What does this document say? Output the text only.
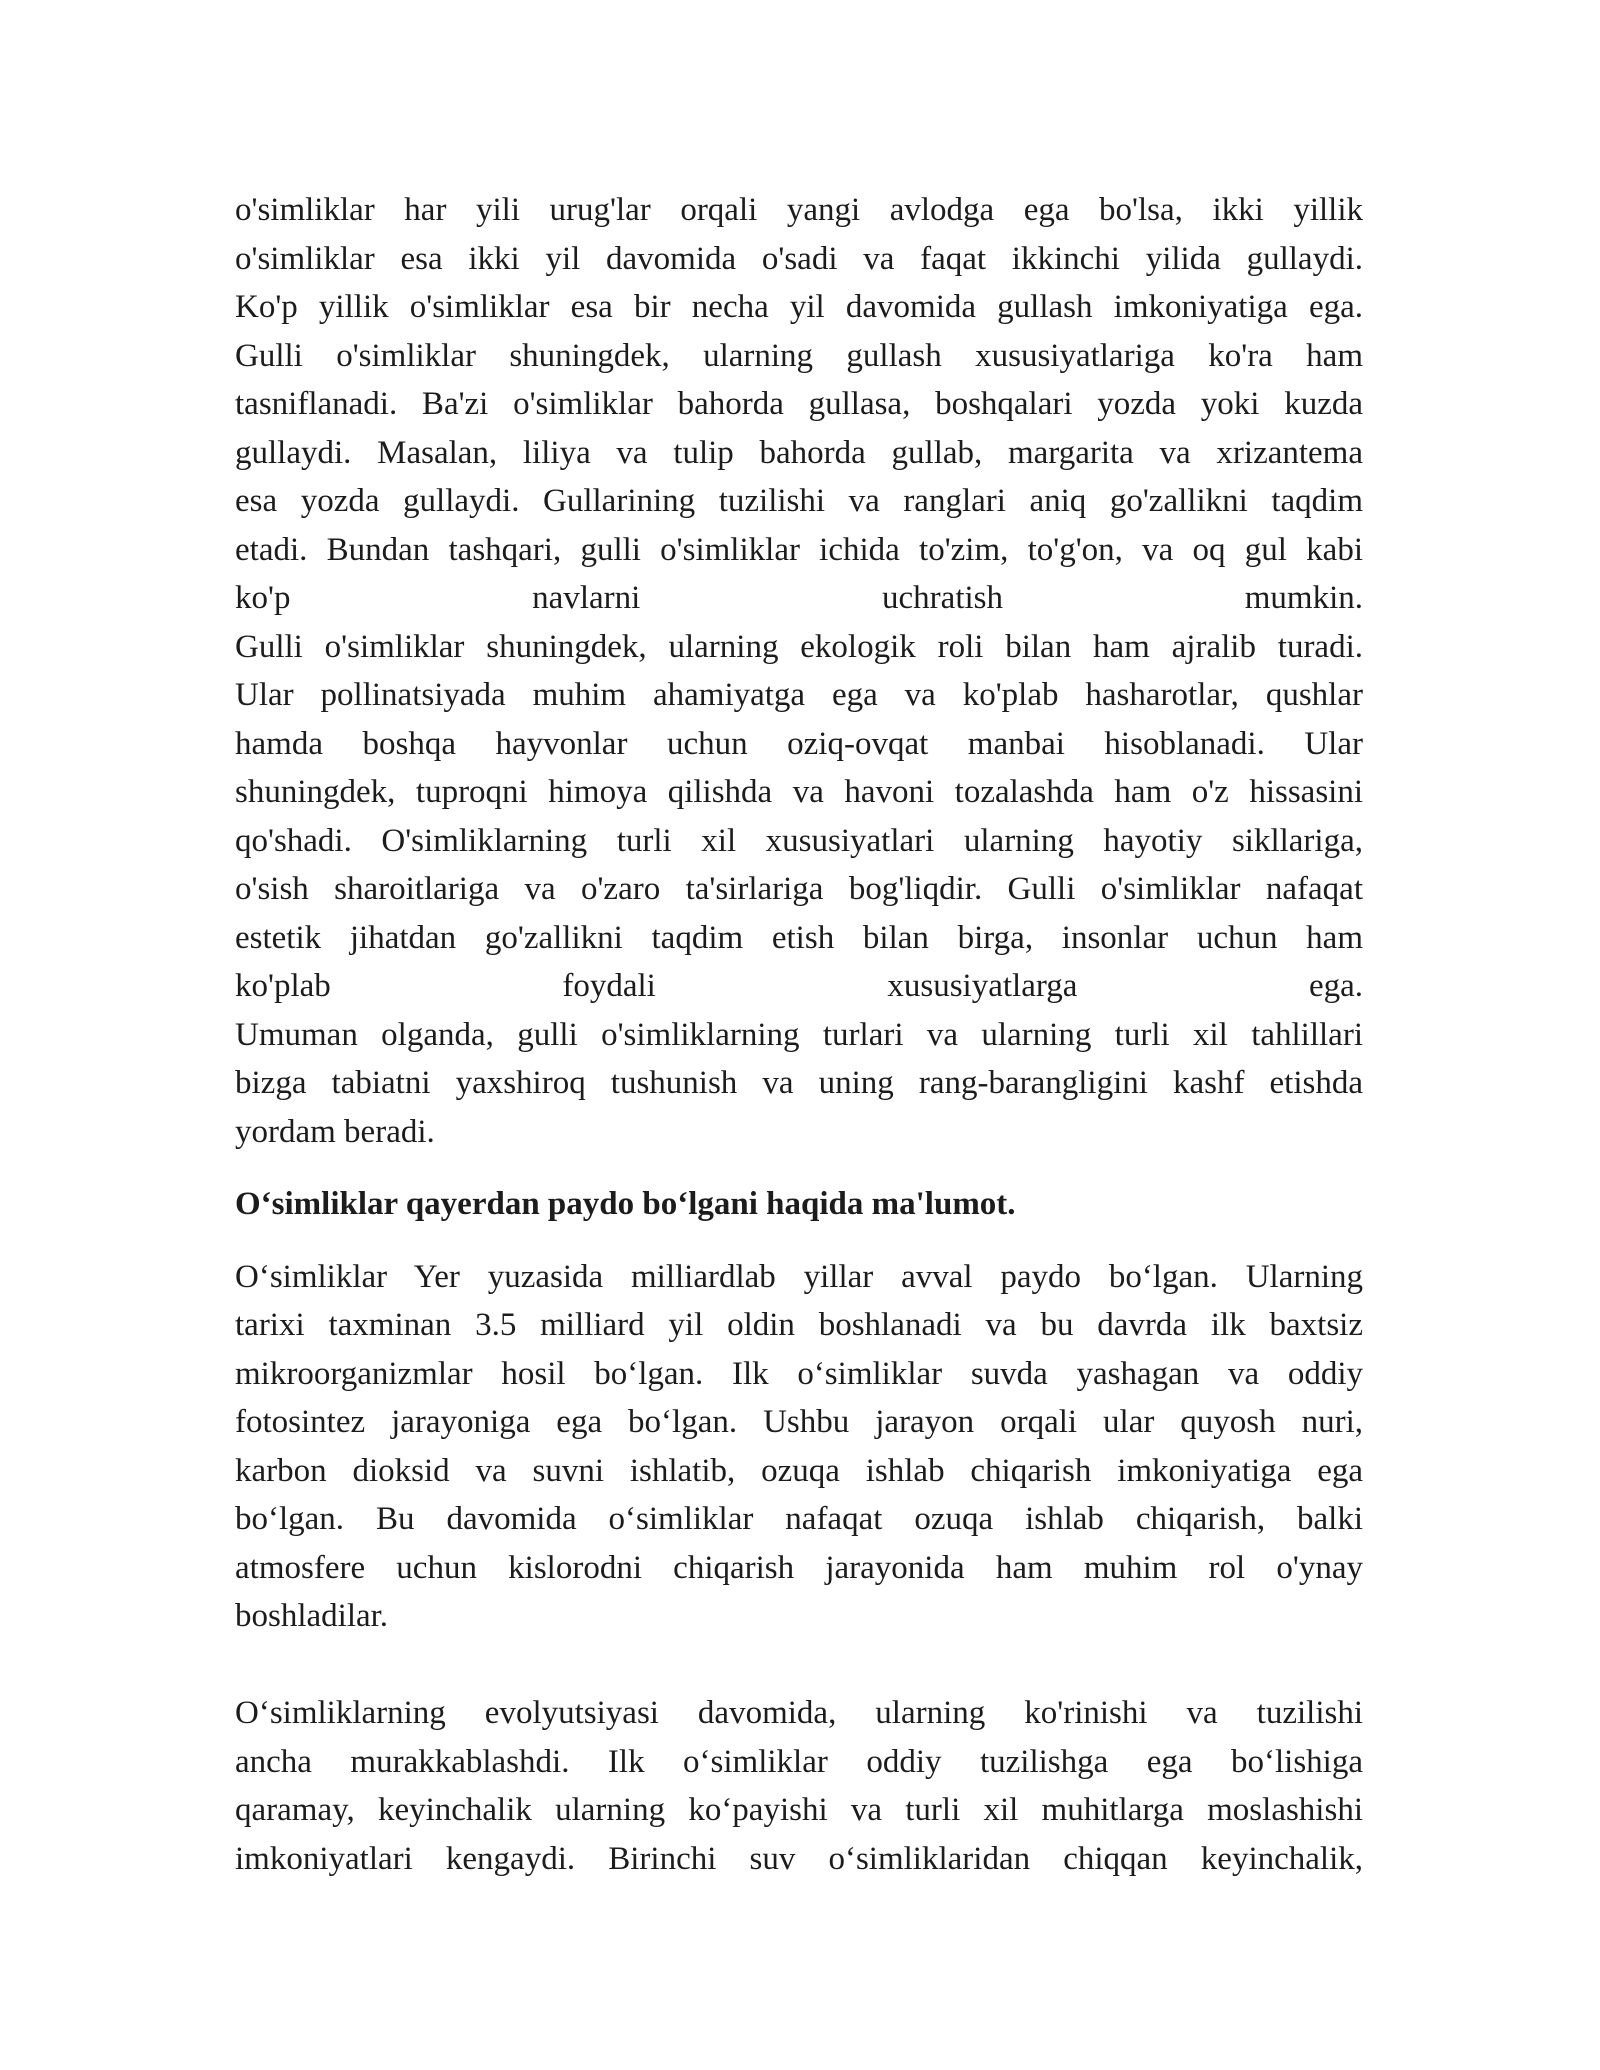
o'simliklar har yili urug'lar orqali yangi avlodga ega bo'lsa, ikki yillik
o'simliklar esa ikki yil davomida o'sadi va faqat ikkinchi yilida gullaydi.
Ko'p yillik o'simliklar esa bir necha yil davomida gullash imkoniyatiga ega.
Gulli o'simliklar shuningdek, ularning gullash xususiyatlariga ko'ra ham
tasniflanadi. Ba'zi o'simliklar bahorda gullasa, boshqalari yozda yoki kuzda
gullaydi. Masalan, liliya va tulip bahorda gullab, margarita va xrizantema
esa yozda gullaydi. Gullarining tuzilishi va ranglari aniq go'zallikni taqdim
etadi. Bundan tashqari, gulli o'simliklar ichida to'zim, to'g'on, va oq gul kabi
ko'p navlarni uchratish mumkin.
Gulli o'simliklar shuningdek, ularning ekologik roli bilan ham ajralib turadi.
Ular pollinatsiyada muhim ahamiyatga ega va ko'plab hasharotlar, qushlar
hamda boshqa hayvonlar uchun oziq-ovqat manbai hisoblanadi. Ular
shuningdek, tuproqni himoya qilishda va havoni tozalashda ham o'z hissasini
qo'shadi. O'simliklarning turli xil xususiyatlari ularning hayotiy sikllariga,
o'sish sharoitlariga va o'zaro ta'sirlariga bog'liqdir. Gulli o'simliklar nafaqat
estetik jihatdan go'zallikni taqdim etish bilan birga, insonlar uchun ham
ko'plab foydali xususiyatlarga ega.
Umuman olganda, gulli o'simliklarning turlari va ularning turli xil tahlillari
bizga tabiatni yaxshiroq tushunish va uning rang-barangligini kashf etishda
yordam beradi.
O‘simliklar qayerdan paydo bo‘lgani haqida ma'lumot.
O‘simliklar Yer yuzasida milliardlab yillar avval paydo bo‘lgan. Ularning
tarixi taxminan 3.5 milliard yil oldin boshlanadi va bu davrda ilk baxtsiz
mikroorganizmlar hosil bo‘lgan. Ilk o‘simliklar suvda yashagan va oddiy
fotosintez jarayoniga ega bo‘lgan. Ushbu jarayon orqali ular quyosh nuri,
karbon dioksid va suvni ishlatib, ozuqa ishlab chiqarish imkoniyatiga ega
bo‘lgan. Bu davomida o‘simliklar nafaqat ozuqa ishlab chiqarish, balki
atmosfere uchun kislorodni chiqarish jarayonida ham muhim rol o'ynay
boshladilar.
O‘simliklarning evolyutsiyasi davomida, ularning ko'rinishi va tuzilishi
ancha murakkablashdi. Ilk o‘simliklar oddiy tuzilishga ega bo‘lishiga
qaramay, keyinchalik ularning ko‘payishi va turli xil muhitlarga moslashishi
imkoniyatlari kengaydi. Birinchi suv o‘simliklaridan chiqqan keyinchalik,
